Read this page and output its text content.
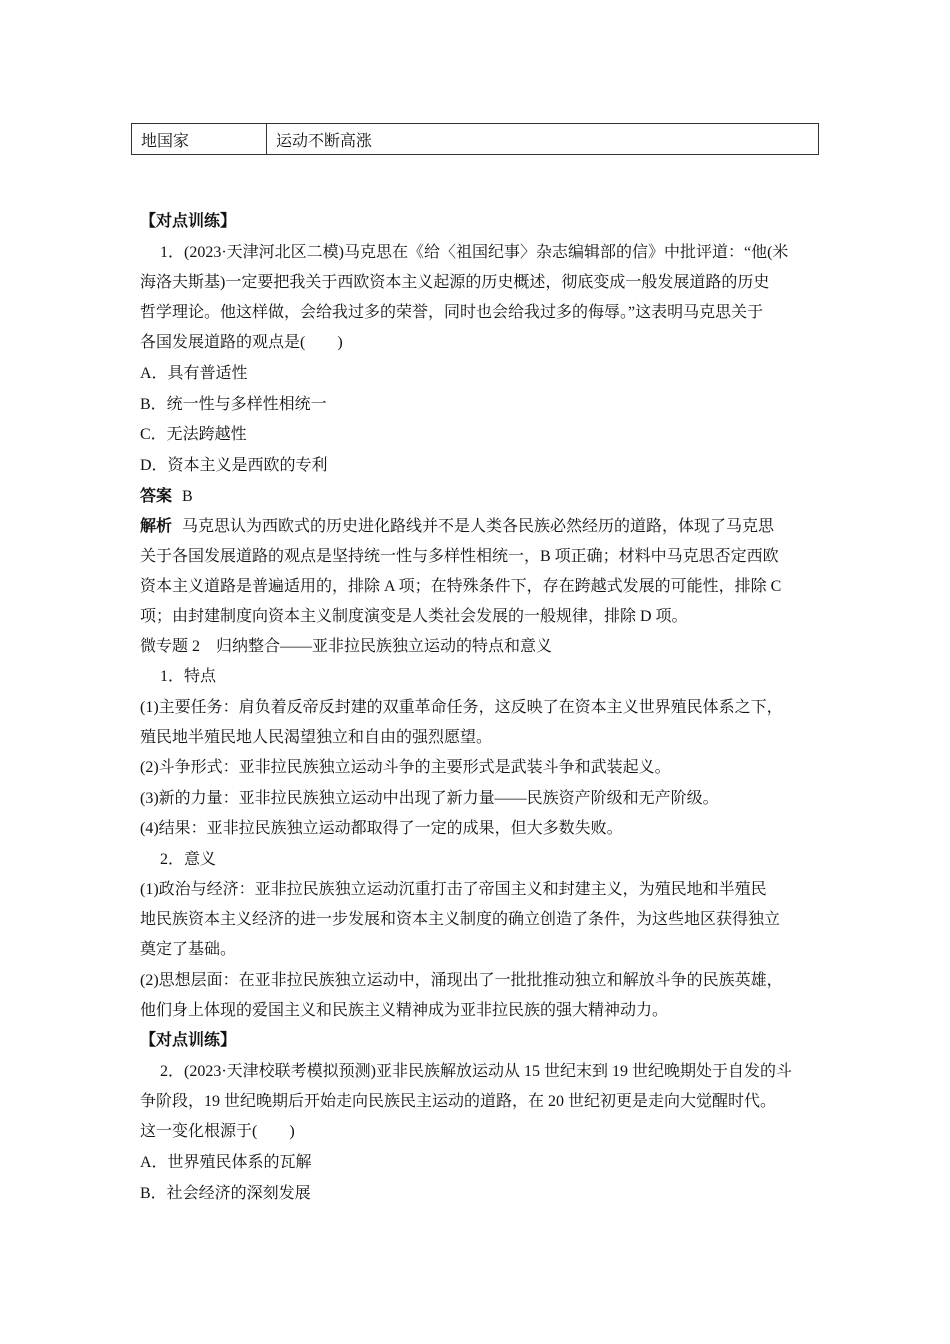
地国家	运动不断高涨
【对点训练】
1．(2023·天津河北区二模)马克思在《给〈祖国纪事〉杂志编辑部的信》中批评道：“他(米
海洛夫斯基)一定要把我关于西欧资本主义起源的历史概述，彻底变成一般发展道路的历史
哲学理论。他这样做，会给我过多的荣誉，同时也会给我过多的侮辱。”这表明马克思关于
各国发展道路的观点是(　　)
A．具有普适性
B．统一性与多样性相统一
C．无法跨越性
D．资本主义是西欧的专利
答案 B
解析 马克思认为西欧式的历史进化路线并不是人类各民族必然经历的道路，体现了马克思
关于各国发展道路的观点是坚持统一性与多样性相统一，B 项正确；材料中马克思否定西欧
资本主义道路是普遍适用的，排除 A 项；在特殊条件下，存在跨越式发展的可能性，排除 C
项；由封建制度向资本主义制度演变是人类社会发展的一般规律，排除 D 项。
微专题 2　归纳整合——亚非拉民族独立运动的特点和意义
1．特点
(1)主要任务：肩负着反帝反封建的双重革命任务，这反映了在资本主义世界殖民体系之下，
殖民地半殖民地人民渴望独立和自由的强烈愿望。
(2)斗争形式：亚非拉民族独立运动斗争的主要形式是武装斗争和武装起义。
(3)新的力量：亚非拉民族独立运动中出现了新力量——民族资产阶级和无产阶级。
(4)结果：亚非拉民族独立运动都取得了一定的成果，但大多数失败。
2．意义
(1)政治与经济：亚非拉民族独立运动沉重打击了帝国主义和封建主义，为殖民地和半殖民
地民族资本主义经济的进一步发展和资本主义制度的确立创造了条件，为这些地区获得独立
奠定了基础。
(2)思想层面：在亚非拉民族独立运动中，涌现出了一批批推动独立和解放斗争的民族英雄，
他们身上体现的爱国主义和民族主义精神成为亚非拉民族的强大精神动力。
【对点训练】
2．(2023·天津校联考模拟预测)亚非民族解放运动从 15 世纪末到 19 世纪晚期处于自发的斗
争阶段，19 世纪晚期后开始走向民族民主运动的道路，在 20 世纪初更是走向大觉醒时代。
这一变化根源于(　　)
A．世界殖民体系的瓦解
B．社会经济的深刻发展
